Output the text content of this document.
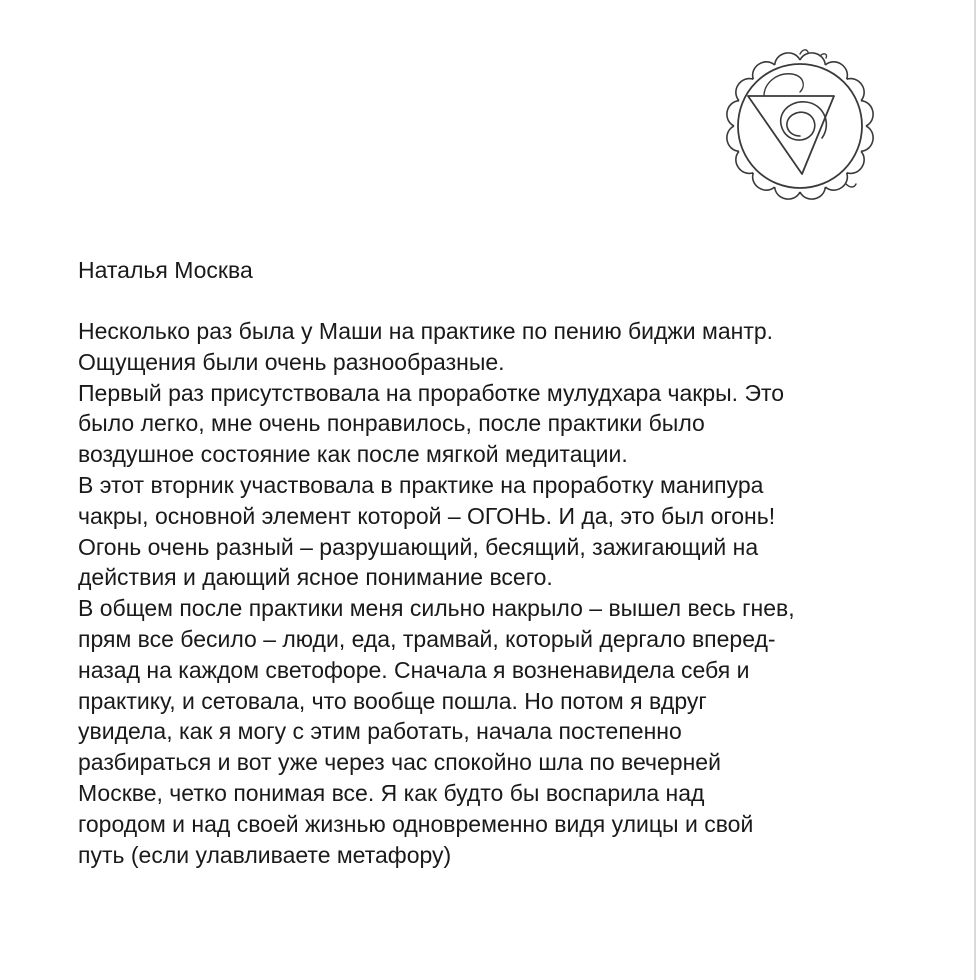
Наталья Москва

Несколько раз была у Маши на практике по пению биджи мантр.
Ощущения были очень разнообразные.
Первый раз присутствовала на проработке мулудхара чакры. Это
было легко, мне очень понравилось, после практики было
воздушное состояние как после мягкой медитации.
В этот вторник участвовала в практике на проработку манипура
чакры, основной элемент которой – ОГОНЬ. И да, это был огонь!
Огонь очень разный – разрушающий, бесящий, зажигающий на
действия и дающий ясное понимание всего.
В общем после практики меня сильно накрыло – вышел весь гнев,
прям все бесило – люди, еда, трамвай, который дергало вперед-
назад на каждом светофоре. Сначала я возненавидела себя и
практику, и сетовала, что вообще пошла. Но потом я вдруг
увидела, как я могу с этим работать, начала постепенно
разбираться и вот уже через час спокойно шла по вечерней
Москве, четко понимая все. Я как будто бы воспарила над
городом и над своей жизнью одновременно видя улицы и свой
путь (если улавливаете метафору)
